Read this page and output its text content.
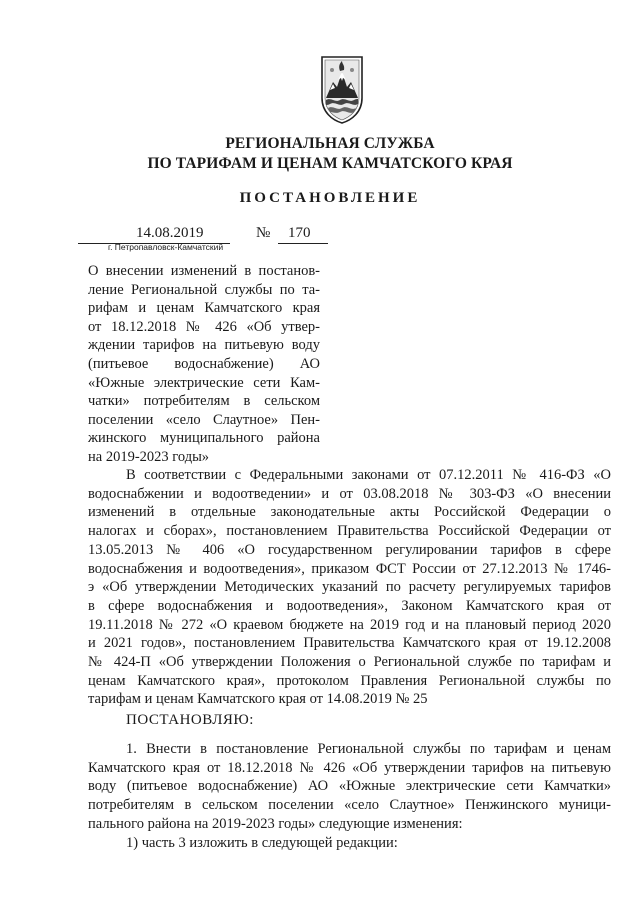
РЕГИОНАЛЬНАЯ СЛУЖБА
ПО ТАРИФАМ И ЦЕНАМ КАМЧАТСКОГО КРАЯ
ПОСТАНОВЛЕНИЕ
14.08.2019	№ 170
г. Петропавловск-Камчатский
О внесении изменений в постанов-
ление Региональной службы по та-
рифам и ценам Камчатского края
от 18.12.2018 № 426 «Об утвер-
ждении тарифов на питьевую воду
(питьевое водоснабжение) АО
«Южные электрические сети Кам-
чатки» потребителям в сельском
поселении «село Слаутное» Пен-
жинского муниципального района
на 2019-2023 годы»
В соответствии с Федеральными законами от 07.12.2011 № 416-ФЗ «О
водоснабжении и водоотведении» и от 03.08.2018 № 303-ФЗ «О внесении
изменений в отдельные законодательные акты Российской Федерации о
налогах и сборах», постановлением Правительства Российской Федерации от
13.05.2013 № 406 «О государственном регулировании тарифов в сфере
водоснабжения и водоотведения», приказом ФСТ России от 27.12.2013 № 1746-
э «Об утверждении Методических указаний по расчету регулируемых тарифов
в сфере водоснабжения и водоотведения», Законом Камчатского края от
19.11.2018 № 272 «О краевом бюджете на 2019 год и на плановый период 2020
и 2021 годов», постановлением Правительства Камчатского края от 19.12.2008
№ 424-П «Об утверждении Положения о Региональной службе по тарифам и
ценам Камчатского края», протоколом Правления Региональной службы по
тарифам и ценам Камчатского края от 14.08.2019 № 25
ПОСТАНОВЛЯЮ:
1. Внести в постановление Региональной службы по тарифам и ценам
Камчатского края от 18.12.2018 № 426 «Об утверждении тарифов на питьевую
воду (питьевое водоснабжение) АО «Южные электрические сети Камчатки»
потребителям в сельском поселении «село Слаутное» Пенжинского муници-
пального района на 2019-2023 годы» следующие изменения:
1) часть 3 изложить в следующей редакции:
